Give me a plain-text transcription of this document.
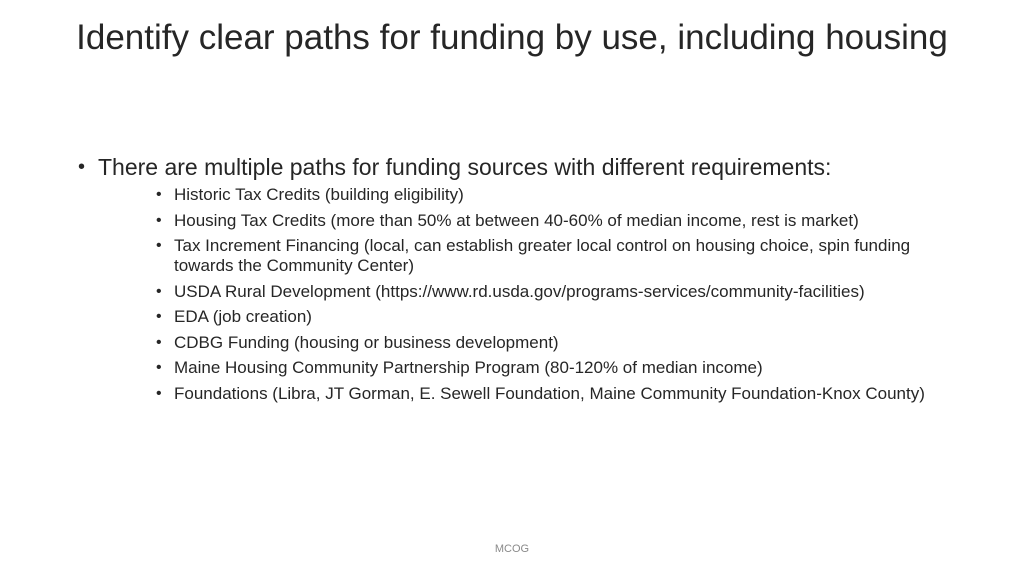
Identify clear paths for funding by use, including housing
• There are multiple paths for funding sources with different requirements:
• Historic Tax Credits (building eligibility)
• Housing Tax Credits (more than 50% at between 40-60% of median income, rest is market)
• Tax Increment Financing (local, can establish greater local control on housing choice, spin funding towards the Community Center)
• USDA Rural Development (https://www.rd.usda.gov/programs-services/community-facilities)
• EDA (job creation)
• CDBG Funding (housing or business development)
• Maine Housing Community Partnership Program (80-120% of median income)
• Foundations (Libra, JT Gorman, E. Sewell Foundation, Maine Community Foundation-Knox County)
MCOG
